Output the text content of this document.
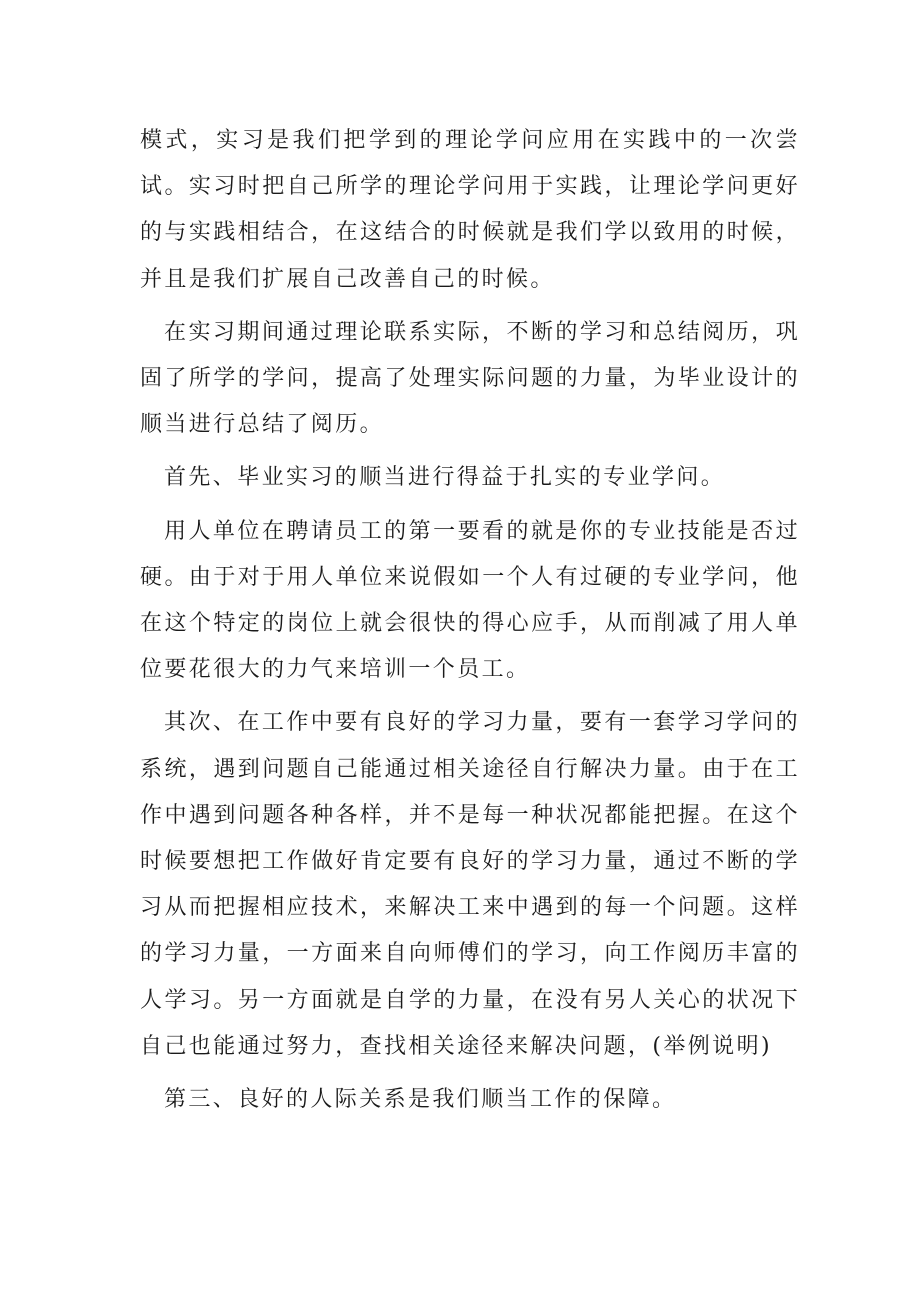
模式，实习是我们把学到的理论学问应用在实践中的一次尝试。实习时把自己所学的理论学问用于实践，让理论学问更好的与实践相结合，在这结合的时候就是我们学以致用的时候，并且是我们扩展自己改善自己的时候。

在实习期间通过理论联系实际，不断的学习和总结阅历，巩固了所学的学问，提高了处理实际问题的力量，为毕业设计的顺当进行总结了阅历。

首先、毕业实习的顺当进行得益于扎实的专业学问。

用人单位在聘请员工的第一要看的就是你的专业技能是否过硬。由于对于用人单位来说假如一个人有过硬的专业学问，他在这个特定的岗位上就会很快的得心应手，从而削减了用人单位要花很大的力气来培训一个员工。

其次、在工作中要有良好的学习力量，要有一套学习学问的系统，遇到问题自己能通过相关途径自行解决力量。由于在工作中遇到问题各种各样，并不是每一种状况都能把握。在这个时候要想把工作做好肯定要有良好的学习力量，通过不断的学习从而把握相应技术，来解决工来中遇到的每一个问题。这样的学习力量，一方面来自向师傅们的学习，向工作阅历丰富的人学习。另一方面就是自学的力量，在没有另人关心的状况下自己也能通过努力，查找相关途径来解决问题，(举例说明)

第三、良好的人际关系是我们顺当工作的保障。
